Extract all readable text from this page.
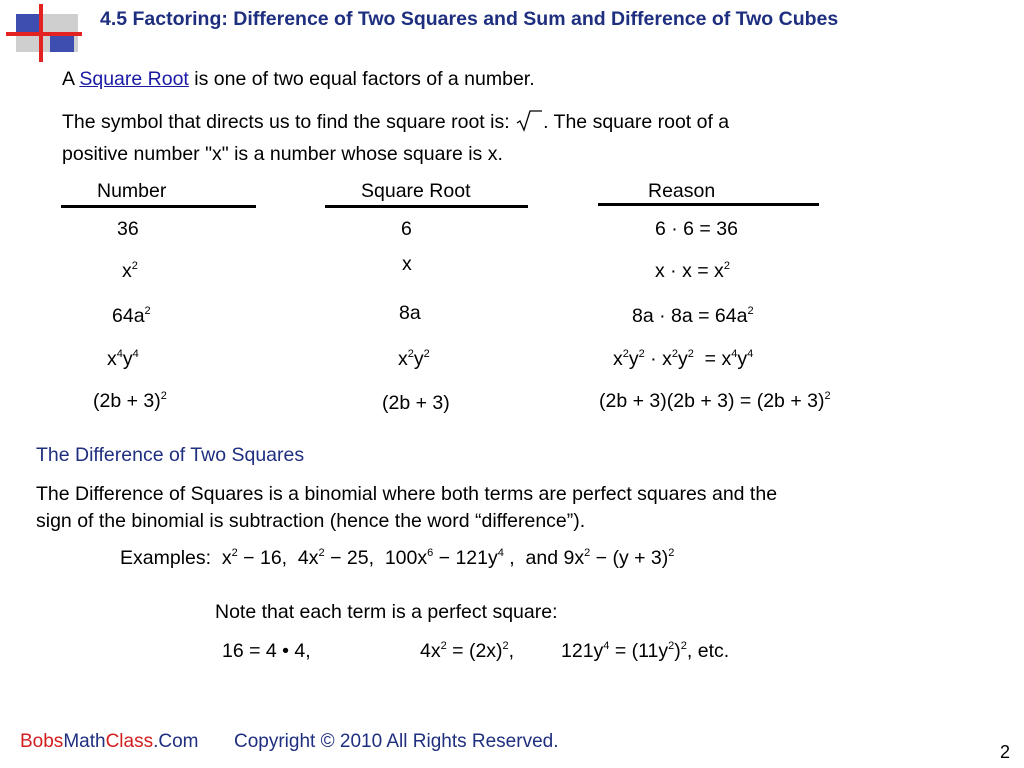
4.5 Factoring: Difference of Two Squares and Sum and Difference of Two Cubes
A Square Root is one of two equal factors of a number.
The symbol that directs us to find the square root is: . The square root of a
positive number "x" is a number whose square is x.
Number	Square Root	Reason
36	6	6 · 6 = 36
$x^2$	x	$x \cdot x = x^2$
$64a^2$	8a	$8a \cdot 8a = 64a^2$
$x^4y^4$	$x^2y^2$	$x^2y^2 \cdot x^2y^2 = x^4y^4$
$(2b + 3)^2$	(2b + 3)	$(2b + 3)(2b + 3) = (2b + 3)^2$
The Difference of Two Squares
The Difference of Squares is a binomial where both terms are perfect squares and the
sign of the binomial is subtraction (hence the word “difference”).
Examples:  $x^2 - 16$,  $4x^2 - 25$,  $100x^6 - 121y^4$ ,  and $9x^2 - (y + 3)^2$
Note that each term is a perfect square:
16 = 4 • 4,	$4x^2 = (2x)^2$, $121y^4 = (11y^2)^2$, etc.
BobsMathClass.Com Copyright © 2010 All Rights Reserved.	2
